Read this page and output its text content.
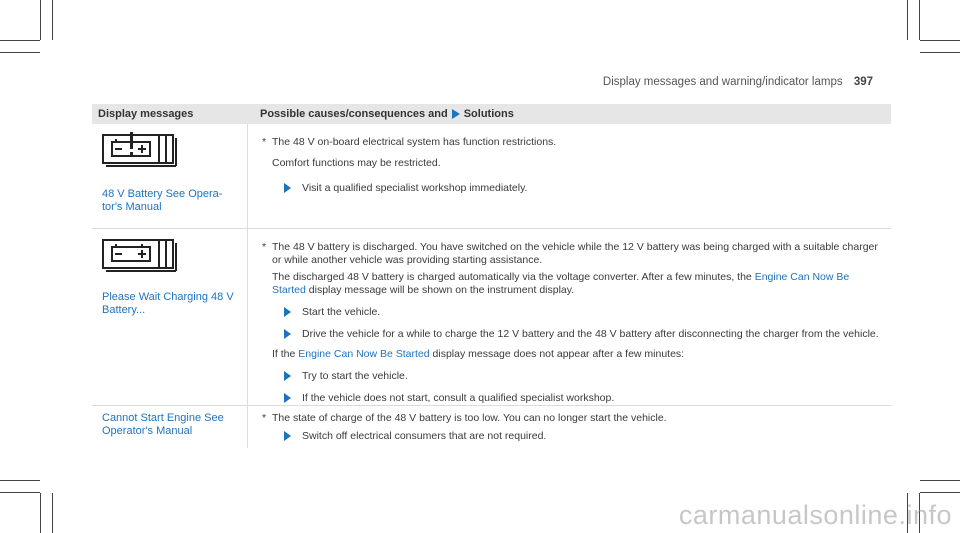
Display messages and warning/indicator lamps 397
Display messages	Possible causes/consequences and Solutions
48 V Battery See Opera-tor's Manual
* The 48 V on-board electrical system has function restrictions.

Comfort functions may be restricted.

Visit a qualified specialist workshop immediately.
Please Wait Charging 48 V Battery...
* The 48 V battery is discharged. You have switched on the vehicle while the 12 V battery was being charged with a suitable charger or while another vehicle was providing starting assistance.

The discharged 48 V battery is charged automatically via the voltage converter. After a few minutes, the Engine Can Now Be Started display message will be shown on the instrument display.

Start the vehicle.
Drive the vehicle for a while to charge the 12 V battery and the 48 V battery after disconnecting the charger from the vehicle.

If the Engine Can Now Be Started display message does not appear after a few minutes:

Try to start the vehicle.
If the vehicle does not start, consult a qualified specialist workshop.
Cannot Start Engine See Operator's Manual
* The state of charge of the 48 V battery is too low. You can no longer start the vehicle.
Switch off electrical consumers that are not required.
carmanualsonline.info
